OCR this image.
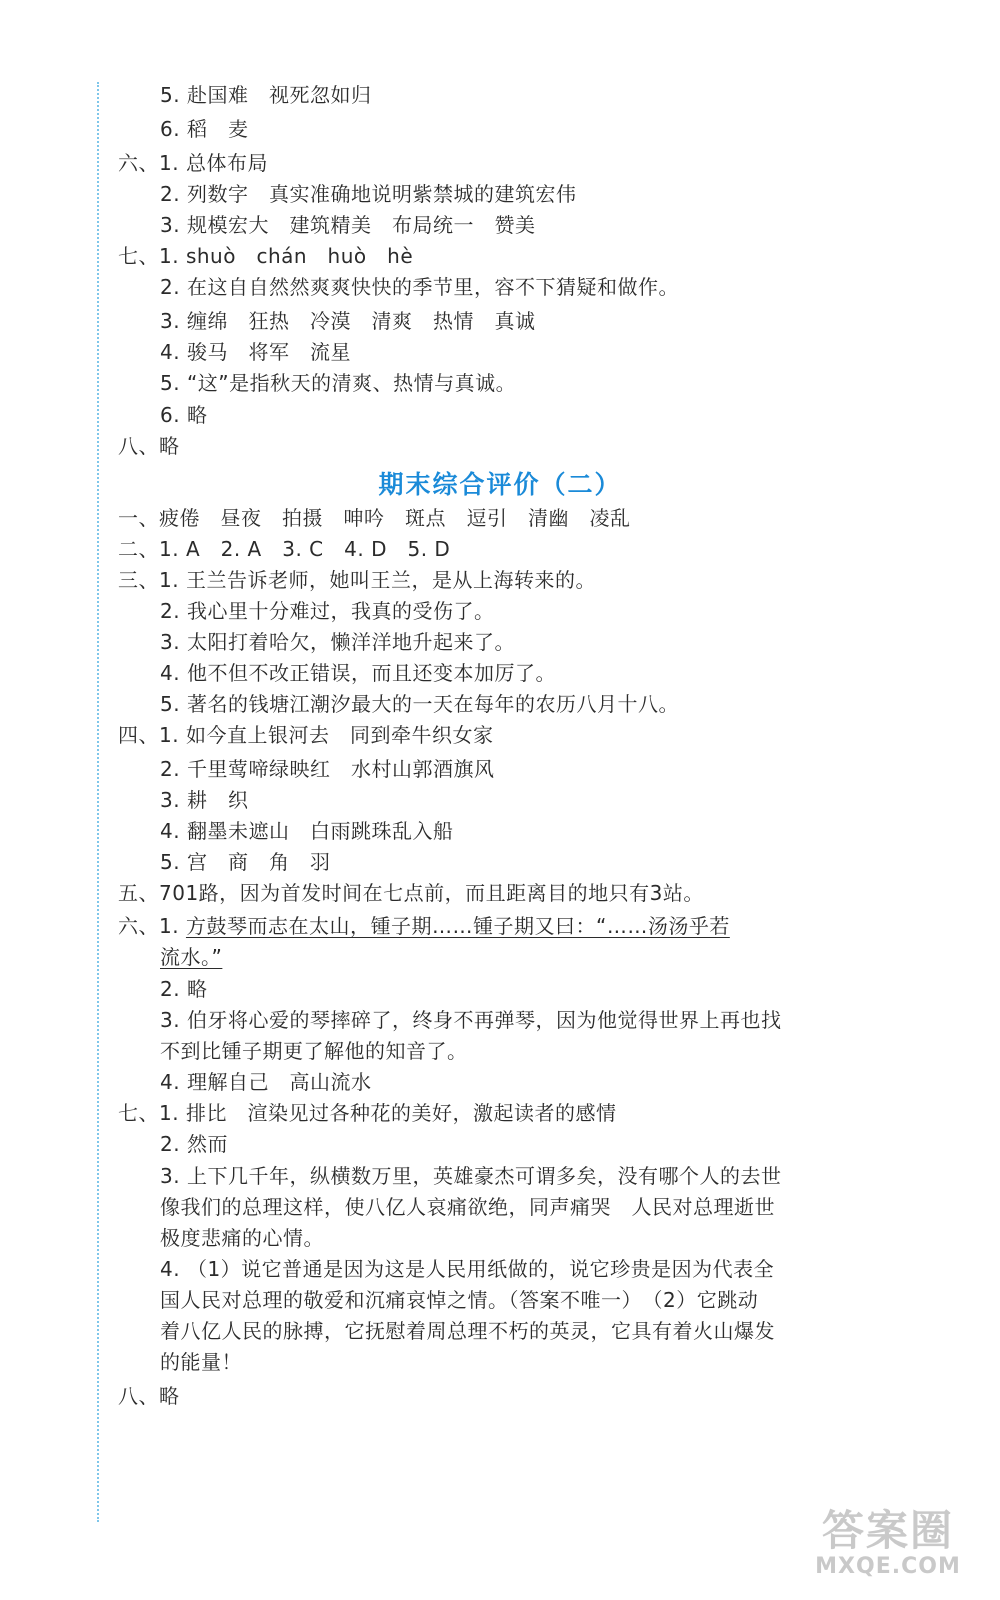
5. 赴国难　视死忽如归
6. 稻　麦
六、1. 总体布局
2. 列数字　真实准确地说明紫禁城的建筑宏伟
3. 规模宏大　建筑精美　布局统一　赞美
七、1. shuò　chán　huò　hè
2. 在这自自然然爽爽快快的季节里，容不下猜疑和做作。
3. 缠绵　狂热　冷漠　清爽　热情　真诚
4. 骏马　将军　流星
5. “这”是指秋天的清爽、热情与真诚。
6. 略
八、略
期末综合评价（二）
一、疲倦　昼夜　拍摄　呻吟　斑点　逗引　清幽　凌乱
二、1. A　2. A　3. C　4. D　5. D
三、1. 王兰告诉老师，她叫王兰，是从上海转来的。
2. 我心里十分难过，我真的受伤了。
3. 太阳打着哈欠，懒洋洋地升起来了。
4. 他不但不改正错误，而且还变本加厉了。
5. 著名的钱塘江潮汐最大的一天在每年的农历八月十八。
四、1. 如今直上银河去　同到牵牛织女家
2. 千里莺啼绿映红　水村山郭酒旗风
3. 耕　织
4. 翻墨未遮山　白雨跳珠乱入船
5. 宫　商　角　羽
五、701路，因为首发时间在七点前，而且距离目的地只有3站。
六、1. 方鼓琴而志在太山，锺子期……锺子期又曰：“……汤汤乎若
流水。”
2. 略
3. 伯牙将心爱的琴摔碎了，终身不再弹琴，因为他觉得世界上再也找
不到比锺子期更了解他的知音了。
4. 理解自己　高山流水
七、1. 排比　渲染见过各种花的美好，激起读者的感情
2. 然而
3. 上下几千年，纵横数万里，英雄豪杰可谓多矣，没有哪个人的去世
像我们的总理这样，使八亿人哀痛欲绝，同声痛哭　人民对总理逝世
极度悲痛的心情。
4. （1）说它普通是因为这是人民用纸做的，说它珍贵是因为代表全
国人民对总理的敬爱和沉痛哀悼之情。（答案不唯一）　（2）它跳动
着八亿人民的脉搏，它抚慰着周总理不朽的英灵，它具有着火山爆发
的能量！
八、略
答案圈
MXQE.COM
